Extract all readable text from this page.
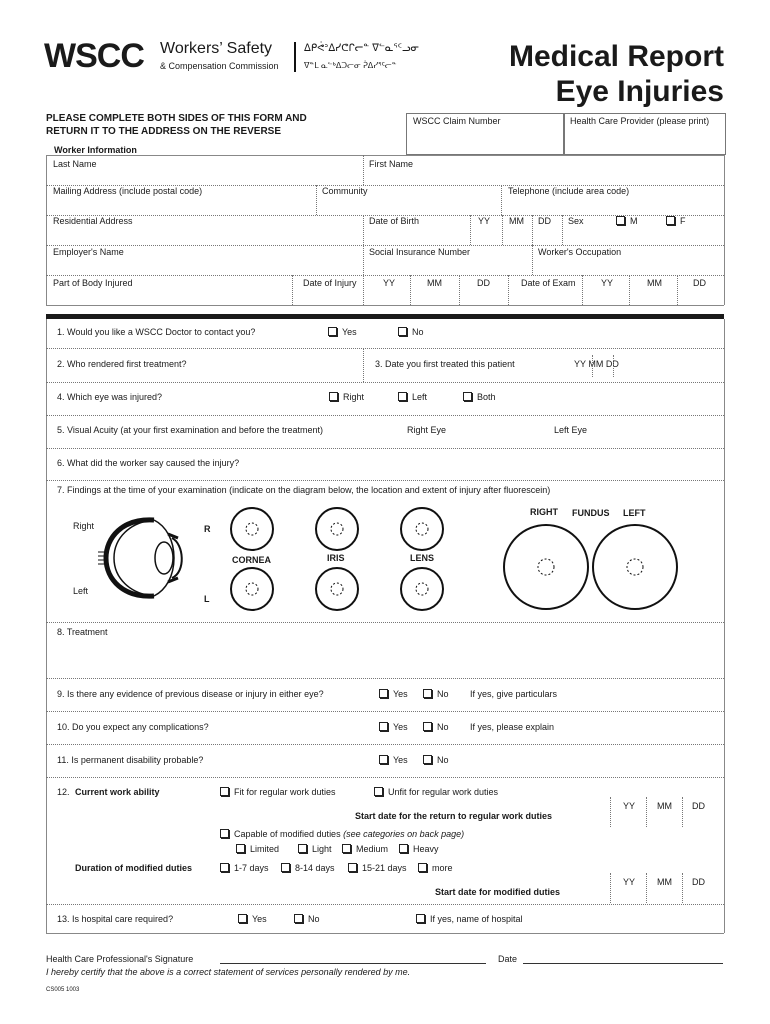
WSCC Workers’ Safety
& Compensation Commission
ᐃᑭᕚᐣᐃᓯᕦᒋᓕᓐ ᐁᓪᓇᕐᑦᓗᓂ
ᐁᓐᒪ ᓇᓪᒃᐃᑐᓕᓂ ᕉᐃᓯᕐᑦᓕᓐ	Medical Report
Eye Injuries
PLEASE COMPLETE BOTH SIDES OF THIS FORM AND
RETURN IT TO THE ADDRESS ON THE REVERSE
WSCC Claim Number	Health Care Provider (please print)
Worker Information
Last Name	First Name
Mailing Address (include postal code)	Community	Telephone (include area code)
Residential Address	Date of Birth	YY MM DD Sex	M	F
Employer's Name	Social Insurance Number	Worker's Occupation
Part of Body Injured	Date of Injury	YY	MM	DD	Date of Exam	YY	MM	DD
1. Would you like a WSCC Doctor to contact you?	Yes	No
2. Who rendered first treatment?	3. Date you first treated this patient	YY MM DD
4. Which eye was injured?	Right	Left	Both
5. Visual Acuity (at your first examination and before the treatment)	Right Eye	Left Eye
6. What did the worker say caused the injury?
7. Findings at the time of your examination (indicate on the diagram below, the location and extent of injury after fluorescein)
Right
Left
R
L
CORNEA	IRIS	LENS
RIGHT FUNDUS LEFT
8. Treatment
9. Is there any evidence of previous disease or injury in either eye?	Yes	No If yes, give particulars
10. Do you expect any complications?	Yes	No If yes, please explain
11. Is permanent disability probable?	Yes	No
12. Current work ability	Fit for regular work duties	Unfit for regular work duties
Start date for the return to regular work duties
YY MM DD
Capable of modified duties (see categories on back page)
Limited	Light	Medium	Heavy
Duration of modified duties	1-7 days	8-14 days	15-21 days	more
Start date for modified duties
YY MM DD
13. Is hospital care required?	Yes	No	If yes, name of hospital
Health Care Professional's Signature	Date
I hereby certify that the above is a correct statement of services personally rendered by me.
CS005 1003
